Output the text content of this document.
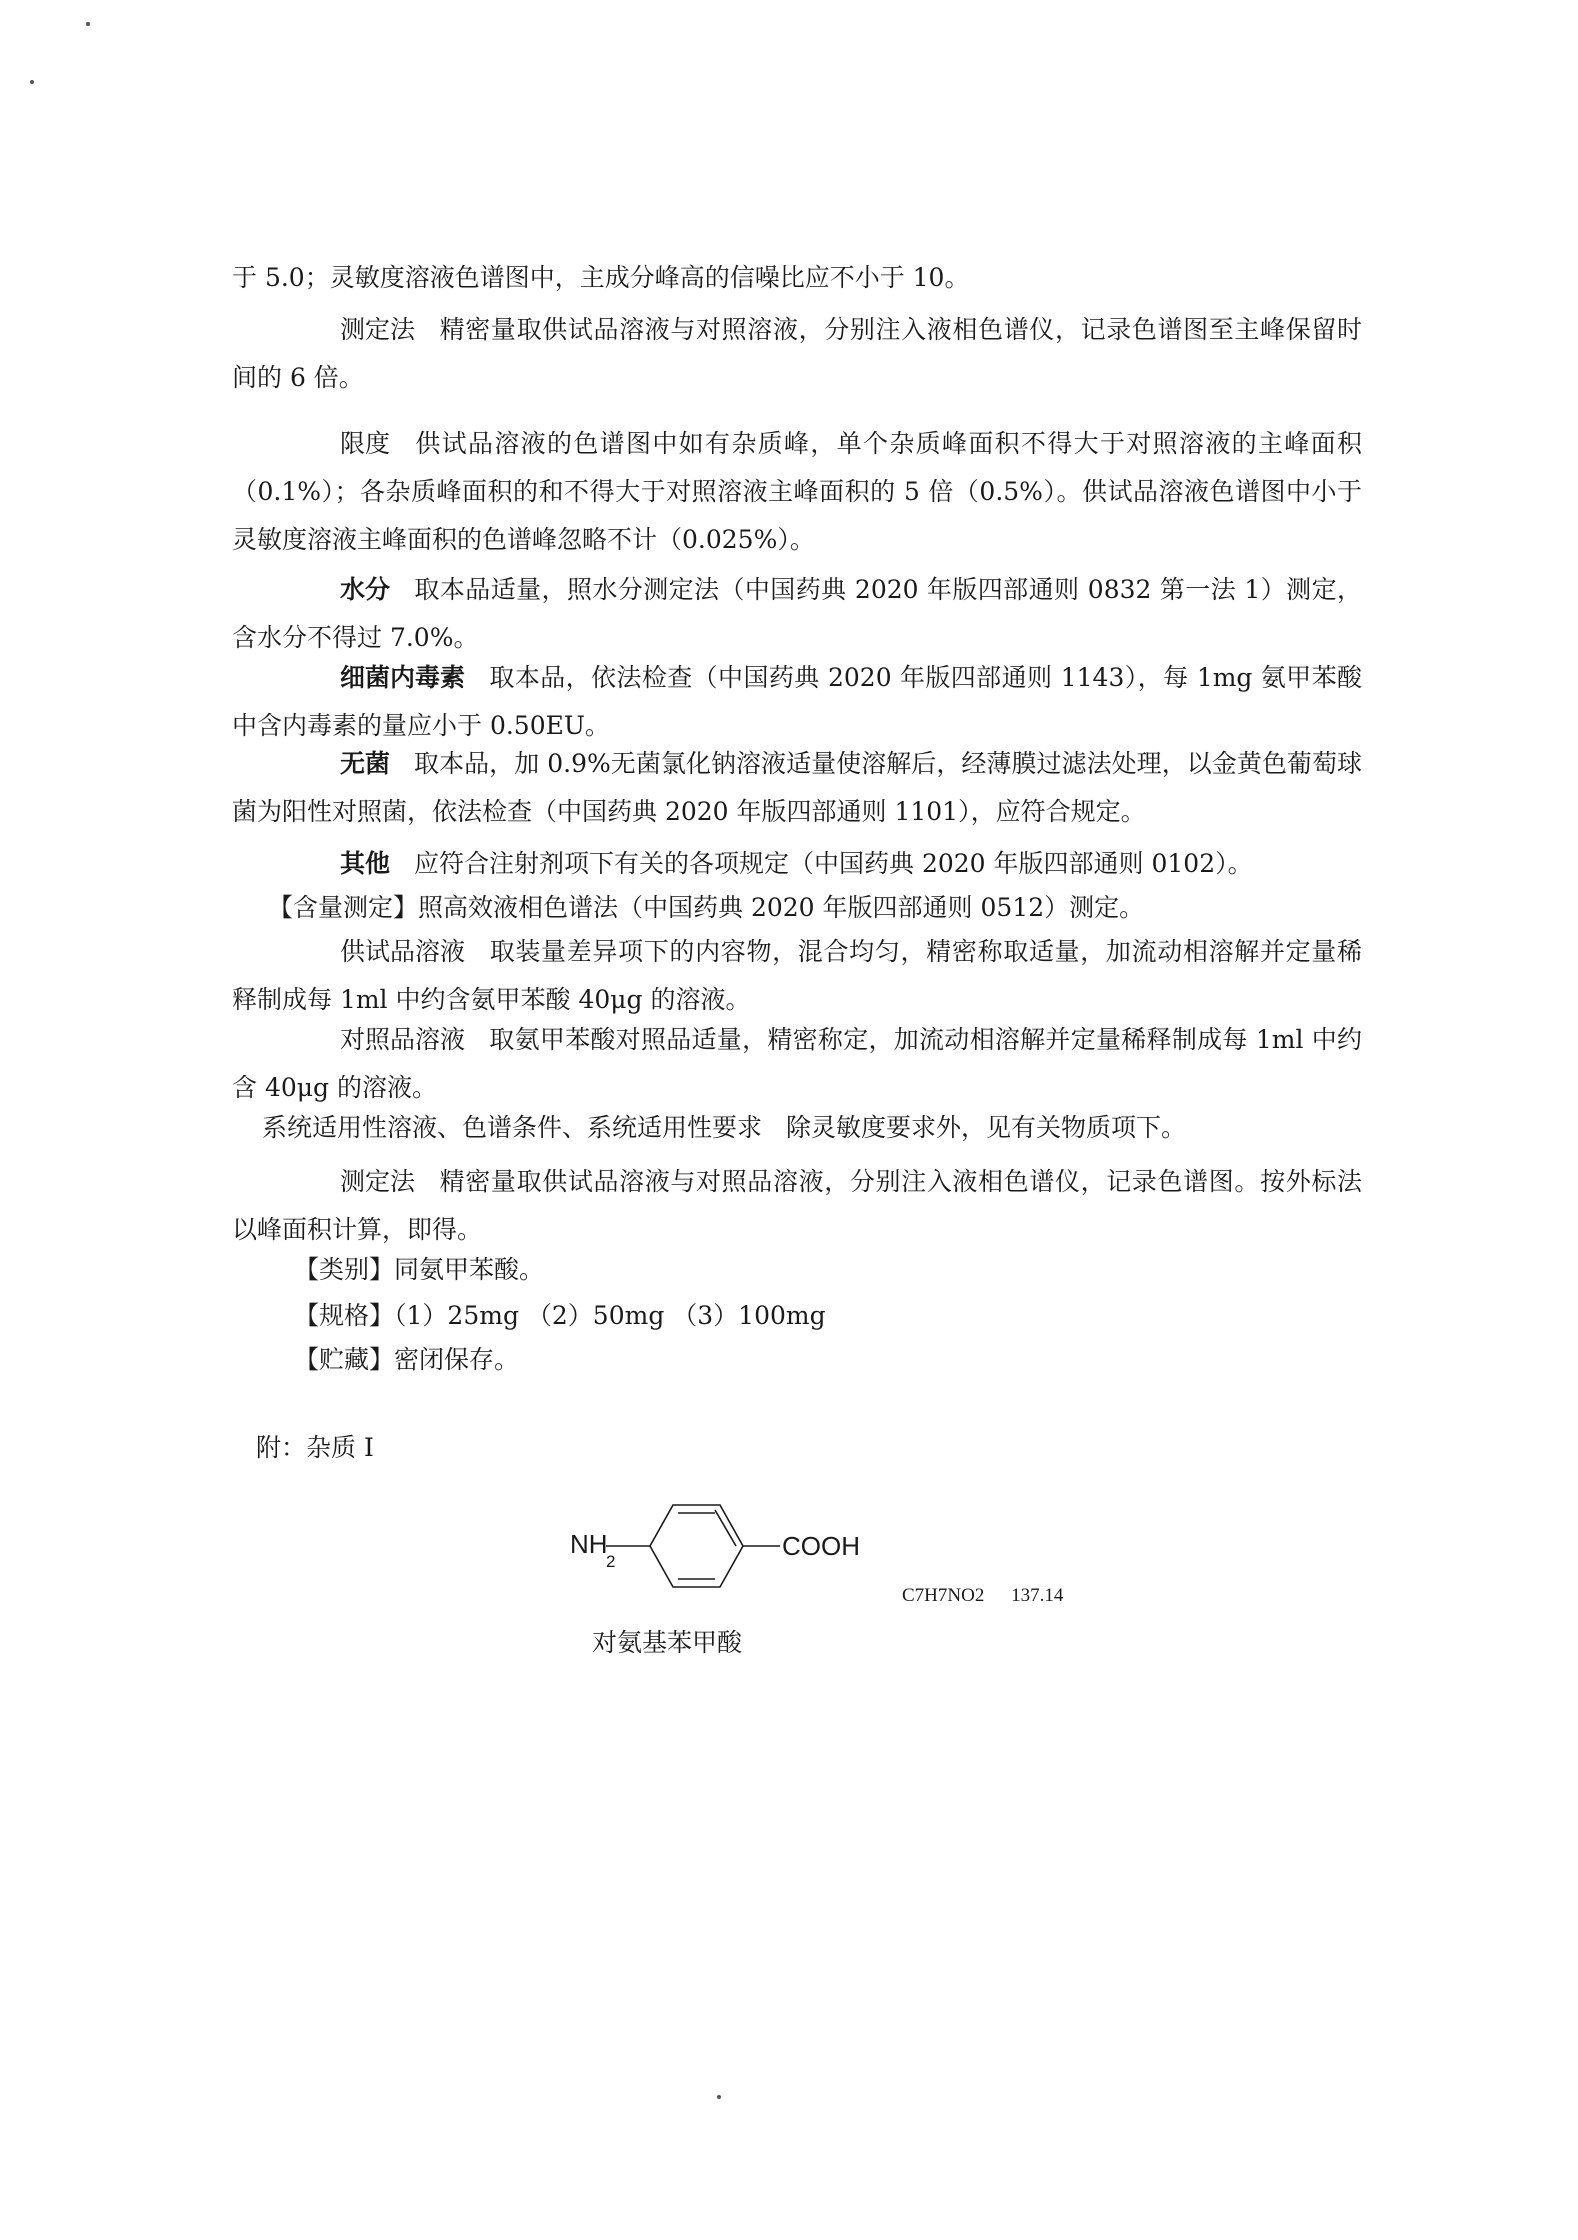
于 5.0；灵敏度溶液色谱图中，主成分峰高的信噪比应不小于 10。

测定法 精密量取供试品溶液与对照溶液，分别注入液相色谱仪，记录色谱图至主峰保留时间的 6 倍。

限度 供试品溶液的色谱图中如有杂质峰，单个杂质峰面积不得大于对照溶液的主峰面积（0.1%）；各杂质峰面积的和不得大于对照溶液主峰面积的 5 倍（0.5%）。供试品溶液色谱图中小于灵敏度溶液主峰面积的色谱峰忽略不计（0.025%）。

水分 取本品适量，照水分测定法（中国药典 2020 年版四部通则 0832 第一法 1）测定，含水分不得过 7.0%。

细菌内毒素 取本品，依法检查（中国药典 2020 年版四部通则 1143），每 1mg 氨甲苯酸中含内毒素的量应小于 0.50EU。

无菌 取本品，加 0.9%无菌氯化钠溶液适量使溶解后，经薄膜过滤法处理，以金黄色葡萄球菌为阳性对照菌，依法检查（中国药典 2020 年版四部通则 1101），应符合规定。

其他 应符合注射剂项下有关的各项规定（中国药典 2020 年版四部通则 0102）。

【含量测定】照高效液相色谱法（中国药典 2020 年版四部通则 0512）测定。

供试品溶液 取装量差异项下的内容物，混合均匀，精密称取适量，加流动相溶解并定量稀释制成每 1ml 中约含氨甲苯酸 40μg 的溶液。

对照品溶液 取氨甲苯酸对照品适量，精密称定，加流动相溶解并定量稀释制成每 1ml 中约含 40μg 的溶液。

系统适用性溶液、色谱条件、系统适用性要求 除灵敏度要求外，见有关物质项下。

测定法 精密量取供试品溶液与对照品溶液，分别注入液相色谱仪，记录色谱图。按外标法以峰面积计算，即得。

【类别】同氨甲苯酸。

【规格】（1）25mg （2）50mg （3）100mg

【贮藏】密闭保存。

附：杂质 I
NH
2
COOH
C7H7NO2 137.14
对氨基苯甲酸
